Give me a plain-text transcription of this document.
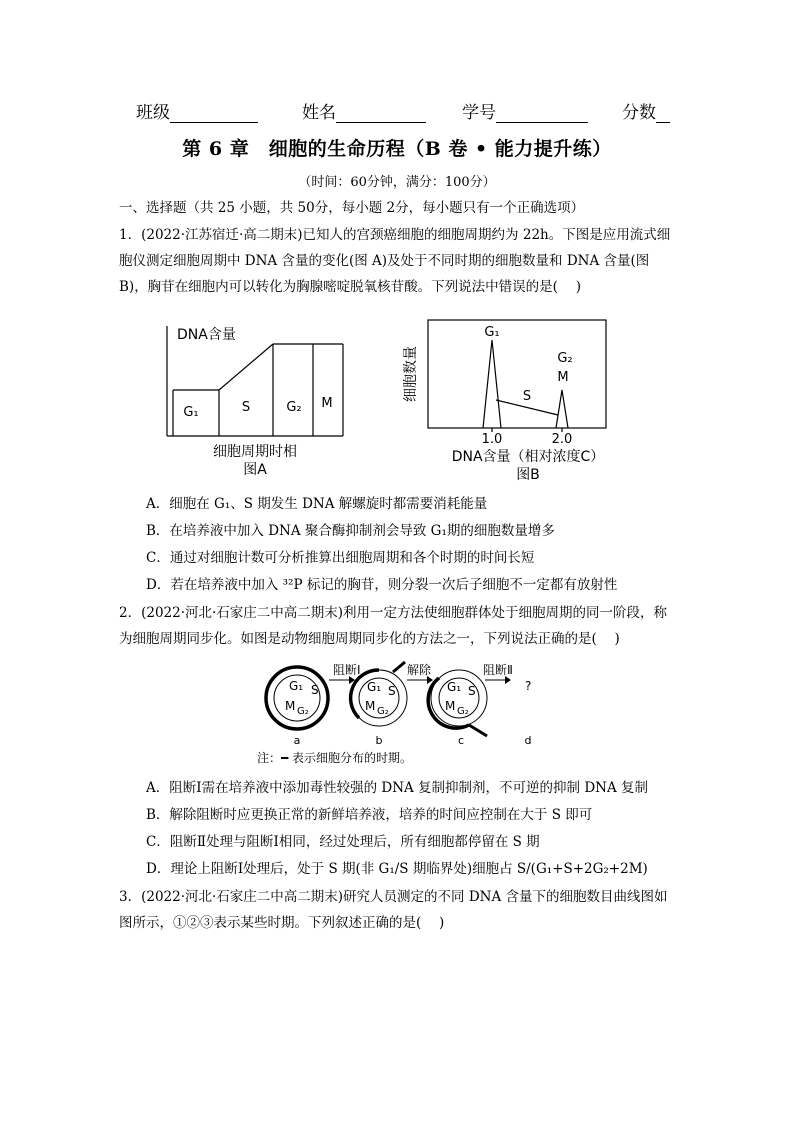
班级	姓名	学号	分数
第 6 章　细胞的生命历程（B 卷 • 能力提升练）
（时间：60分钟，满分：100分）
一、选择题（共 25 小题，共 50分，每小题 2分，每小题只有一个正确选项）
1．(2022·江苏宿迁·高二期末)已知人的宫颈癌细胞的细胞周期约为 22h。下图是应用流式细
胞仪测定细胞周期中 DNA 含量的变化(图 A)及处于不同时期的细胞数量和 DNA 含量(图
B)，胸苷在细胞内可以转化为胸腺嘧啶脱氧核苷酸。下列说法中错误的是(　 )
DNA含量
G₁	S	G₂ M
细胞周期时相
图A
细胞数量
G₁
G₂
M
S
1.0	2.0
DNA含量（相对浓度C）
图B
A．细胞在 G₁、S 期发生 DNA 解螺旋时都需要消耗能量
B．在培养液中加入 DNA 聚合酶抑制剂会导致 G₁期的细胞数量增多
C．通过对细胞计数可分析推算出细胞周期和各个时期的时间长短
D．若在培养液中加入 ³²P 标记的胸苷，则分裂一次后子细胞不一定都有放射性
2．(2022·河北·石家庄二中高二期末)利用一定方法使细胞群体处于细胞周期的同一阶段，称
为细胞周期同步化。如图是动物细胞周期同步化的方法之一，下列说法正确的是(　 )
G₁ S
M G₂
阻断Ⅰ
G₁ S
M G₂
解除
G₁ S
M G₂
阻断Ⅱ
?
a	b	c	d
注：━ 表示细胞分布的时期。
A．阻断Ⅰ需在培养液中添加毒性较强的 DNA 复制抑制剂，不可逆的抑制 DNA 复制
B．解除阻断时应更换正常的新鲜培养液，培养的时间应控制在大于 S 即可
C．阻断Ⅱ处理与阻断Ⅰ相同，经过处理后，所有细胞都停留在 S 期
D．理论上阻断Ⅰ处理后，处于 S 期(非 G₁/S 期临界处)细胞占 S/(G₁+S+2G₂+2M)
3．(2022·河北·石家庄二中高二期末)研究人员测定的不同 DNA 含量下的细胞数目曲线图如
图所示，①②③表示某些时期。下列叙述正确的是(　 )
